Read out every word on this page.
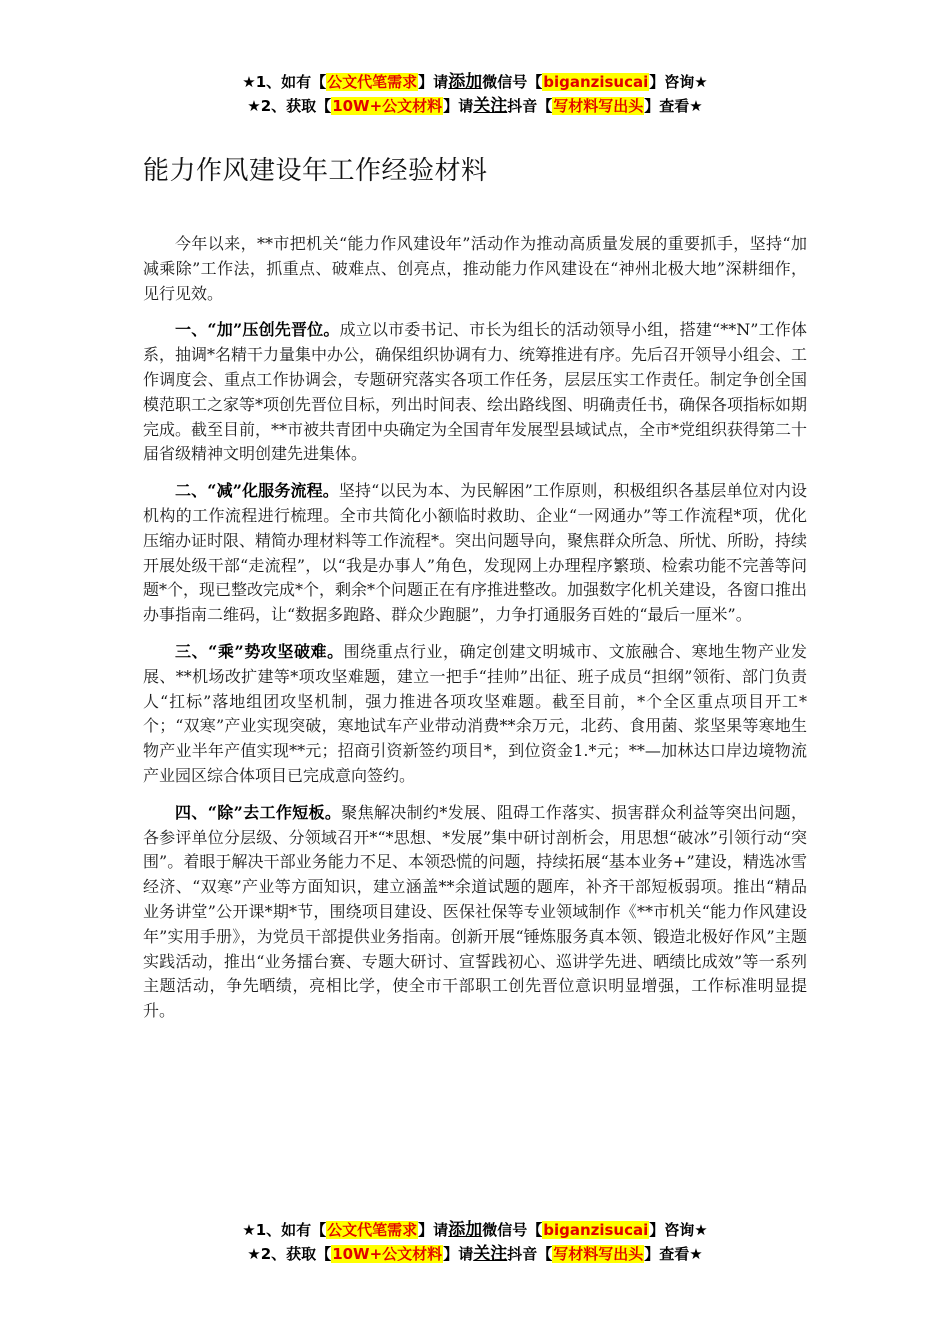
★1、如有【公文代笔需求】请添加微信号【biganzisucai】咨询★
★2、获取【10W+公文材料】请关注抖音【写材料写出头】查看★
能力作风建设年工作经验材料

今年以来，**市把机关“能力作风建设年”活动作为推动高质量发展的重要抓手，坚持“加减乘除”工作法，抓重点、破难点、创亮点，推动能力作风建设在“神州北极大地”深耕细作，见行见效。

一、“加”压创先晋位。成立以市委书记、市长为组长的活动领导小组，搭建“**N”工作体系，抽调*名精干力量集中办公，确保组织协调有力、统筹推进有序。先后召开领导小组会、工作调度会、重点工作协调会，专题研究落实各项工作任务，层层压实工作责任。制定争创全国模范职工之家等*项创先晋位目标，列出时间表、绘出路线图、明确责任书，确保各项指标如期完成。截至目前，**市被共青团中央确定为全国青年发展型县域试点，全市*党组织获得第二十届省级精神文明创建先进集体。

二、“减”化服务流程。坚持“以民为本、为民解困”工作原则，积极组织各基层单位对内设机构的工作流程进行梳理。全市共简化小额临时救助、企业“一网通办”等工作流程*项，优化压缩办证时限、精简办理材料等工作流程*。突出问题导向，聚焦群众所急、所忧、所盼，持续开展处级干部“走流程”，以“我是办事人”角色，发现网上办理程序繁琐、检索功能不完善等问题*个，现已整改完成*个，剩余*个问题正在有序推进整改。加强数字化机关建设，各窗口推出办事指南二维码，让“数据多跑路、群众少跑腿”，力争打通服务百姓的“最后一厘米”。

三、“乘”势攻坚破难。围绕重点行业，确定创建文明城市、文旅融合、寒地生物产业发展、**机场改扩建等*项攻坚难题，建立一把手“挂帅”出征、班子成员“担纲”领衔、部门负责人“扛标”落地组团攻坚机制，强力推进各项攻坚难题。截至目前，*个全区重点项目开工*个；“双寒”产业实现突破，寒地试车产业带动消费**余万元，北药、食用菌、浆坚果等寒地生物产业半年产值实现**元；招商引资新签约项目*，到位资金1.*元；**—加林达口岸边境物流产业园区综合体项目已完成意向签约。

四、“除”去工作短板。聚焦解决制约*发展、阻碍工作落实、损害群众利益等突出问题，各参评单位分层级、分领域召开*“*思想、*发展”集中研讨剖析会，用思想“破冰”引领行动“突围”。着眼于解决干部业务能力不足、本领恐慌的问题，持续拓展“基本业务+”建设，精选冰雪经济、“双寒”产业等方面知识，建立涵盖**余道试题的题库，补齐干部短板弱项。推出“精品业务讲堂”公开课*期*节，围绕项目建设、医保社保等专业领域制作《**市机关“能力作风建设年”实用手册》，为党员干部提供业务指南。创新开展“锤炼服务真本领、锻造北极好作风”主题实践活动，推出“业务擂台赛、专题大研讨、宣誓践初心、巡讲学先进、晒绩比成效”等一系列主题活动，争先晒绩，亮相比学，使全市干部职工创先晋位意识明显增强，工作标准明显提升。

★1、如有【公文代笔需求】请添加微信号【biganzisucai】咨询★
★2、获取【10W+公文材料】请关注抖音【写材料写出头】查看★
